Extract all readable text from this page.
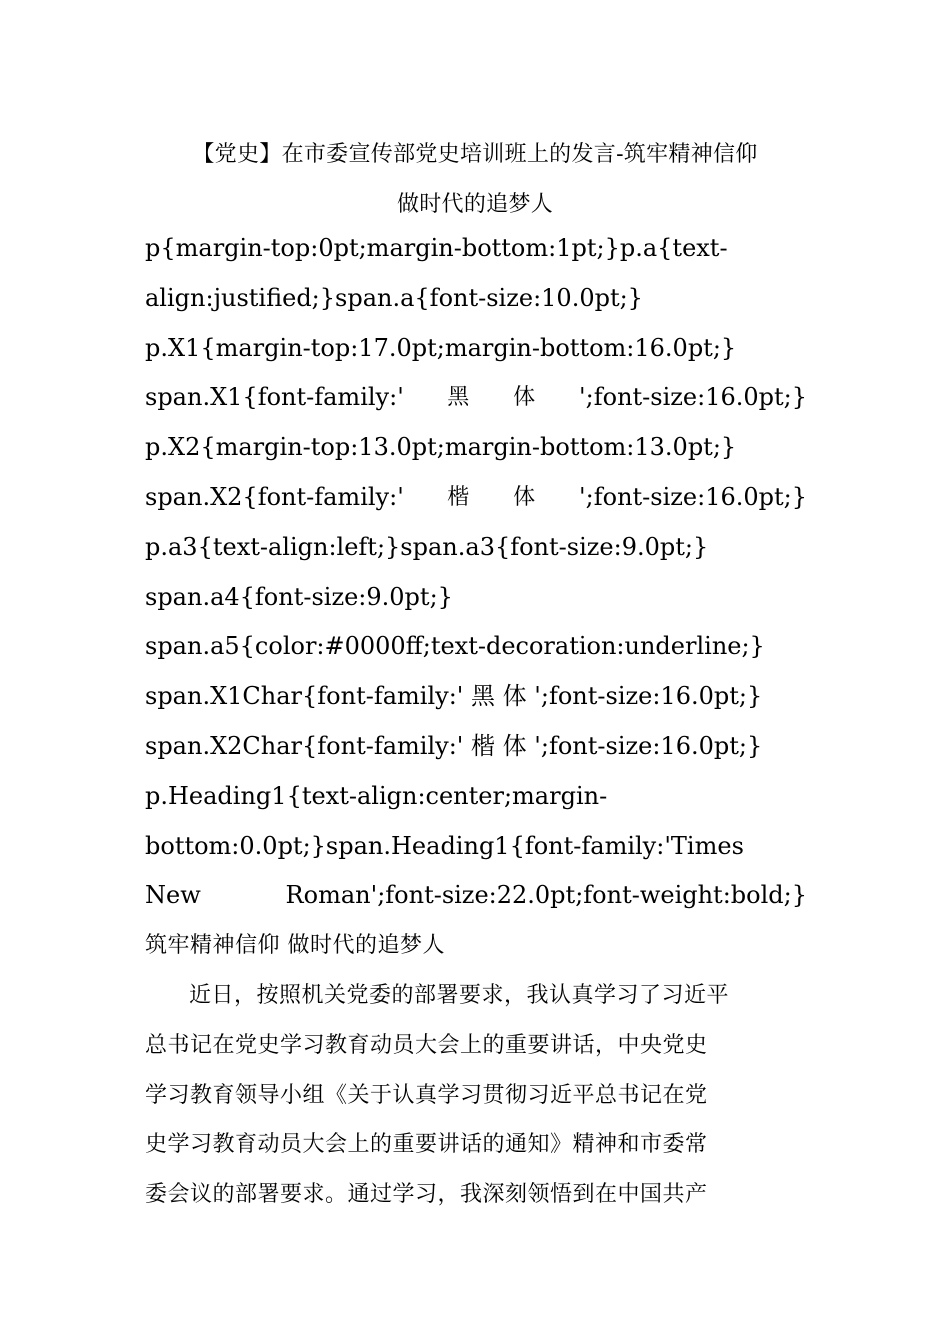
【党史】在市委宣传部党史培训班上的发言-筑牢精神信仰
做时代的追梦人
p{margin-top:0pt;margin-bottom:1pt;}p.a{text-
align:justified;}span.a{font-size:10.0pt;}
p.X1{margin-top:17.0pt;margin-bottom:16.0pt;}
span.X1{font-family:' 黑 体 ';font-size:16.0pt;}
p.X2{margin-top:13.0pt;margin-bottom:13.0pt;}
span.X2{font-family:' 楷 体 ';font-size:16.0pt;}
p.a3{text-align:left;}span.a3{font-size:9.0pt;}
span.a4{font-size:9.0pt;}
span.a5{color:#0000ff;text-decoration:underline;}
span.X1Char{font-family:' 黑 体 ';font-size:16.0pt;}
span.X2Char{font-family:' 楷 体 ';font-size:16.0pt;}
p.Heading1{text-align:center;margin-
bottom:0.0pt;}span.Heading1{font-family:'Times
New	Roman';font-size:22.0pt;font-weight:bold;}
筑牢精神信仰 做时代的追梦人
近日，按照机关党委的部署要求，我认真学习了习近平
总书记在党史学习教育动员大会上的重要讲话，中央党史
学习教育领导小组《关于认真学习贯彻习近平总书记在党
史学习教育动员大会上的重要讲话的通知》精神和市委常
委会议的部署要求。通过学习，我深刻领悟到在中国共产
